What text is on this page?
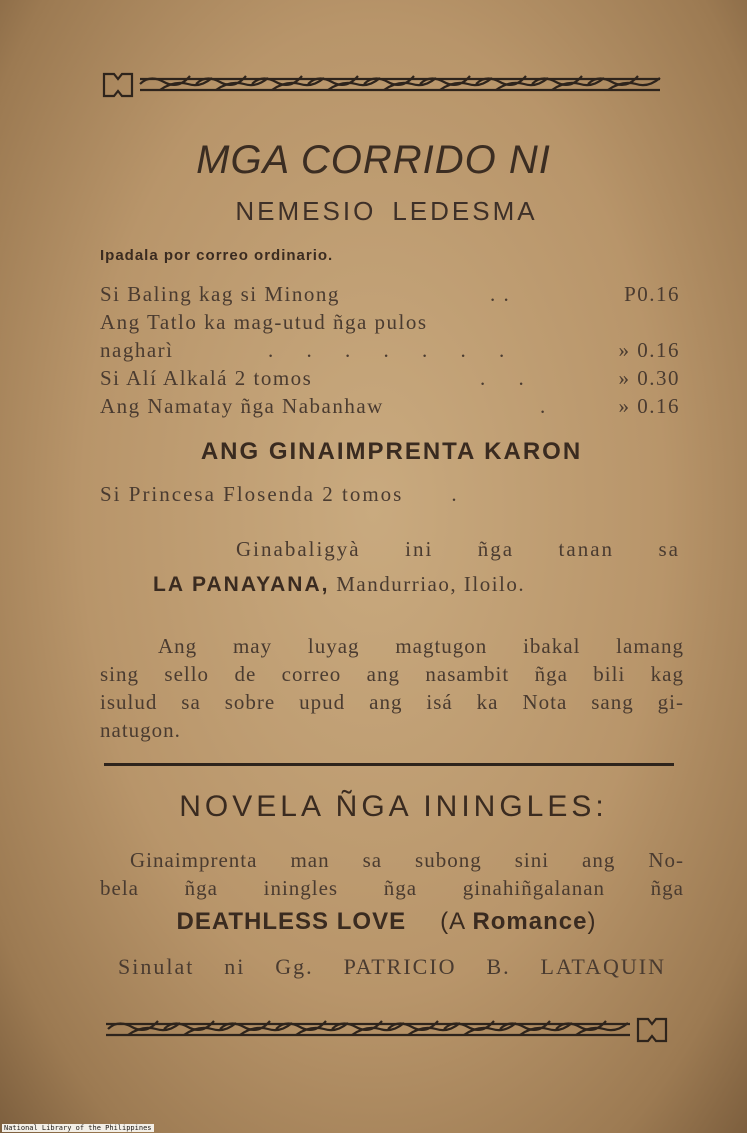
MGA CORRIDO NI
NEMESIO LEDESMA
Ipadala por correo ordinario.
Si Baling kag si Minong	. .	P0.16
Ang Tatlo ka mag-utud ñga pulos
nagharì	. . . . . . .	» 0.16
Si Alí Alkalá 2 tomos	. .	» 0.30
Ang Namatay ñga Nabanhaw	.	» 0.16
ANG GINAIMPRENTA KARON
Si Princesa Flosenda 2 tomos .
Ginabaligyà ini ñga tanan sa
LA PANAYANA, Mandurriao, Iloilo.
Ang may luyag magtugon ibakal lamang
sing sello de correo ang nasambit ñga bili kag
isulud sa sobre upud ang isá ka Nota sang gi-
natugon.
NOVELA ÑGA ININGLES:
Ginaimprenta man sa subong sini ang No-
bela ñga iningles ñga ginahiñgalanan ñga
DEATHLESS LOVE (A Romance)
Sinulat ni Gg. PATRICIO B. LATAQUIN
National Library of the Philippines
